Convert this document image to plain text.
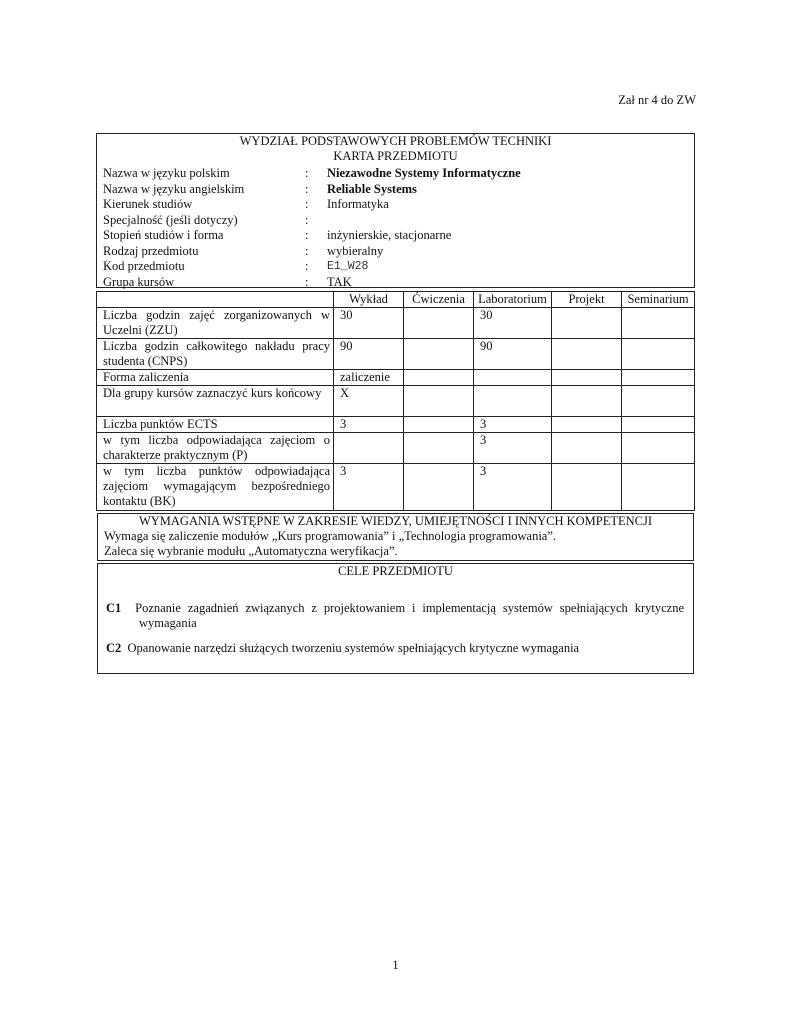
Zał nr 4 do ZW
WYDZIAŁ PODSTAWOWYCH PROBLEMÓW TECHNIKI
KARTA PRZEDMIOTU
Nazwa w języku polskim	: Niezawodne Systemy Informatyczne
Nazwa w języku angielskim	: Reliable Systems
Kierunek studiów	: Informatyka
Specjalność (jeśli dotyczy)	:
Stopień studiów i forma	: inżynierskie, stacjonarne
Rodzaj przedmiotu	: wybieralny
Kod przedmiotu	: E1_W28
Grupa kursów	: TAK
	Wykład	Ćwiczenia	Laboratorium	Projekt	Seminarium
Liczba godzin zajęć zorganizowanych w Uczelni (ZZU)	30		30		
Liczba godzin całkowitego nakładu pracy studenta (CNPS)	90		90		
Forma zaliczenia	zaliczenie				
Dla grupy kursów zaznaczyć kurs końcowy	X				
Liczba punktów ECTS	3		3		
w tym liczba odpowiadająca zajęciom o charakterze praktycznym (P)			3		
w tym liczba punktów odpowiadająca zajęciom wymagającym bezpośredniego kontaktu (BK)	3		3		
WYMAGANIA WSTĘPNE W ZAKRESIE WIEDZY, UMIEJĘTNOŚCI I INNYCH KOMPETENCJI
Wymaga się zaliczenie modułów „Kurs programowania” i „Technologia programowania”.
Zaleca się wybranie modułu „Automatyczna weryfikacja”.
CELE PRZEDMIOTU

C1 Poznanie zagadnień związanych z projektowaniem i implementacją systemów spełniających krytyczne wymagania

C2 Opanowanie narzędzi służących tworzeniu systemów spełniających krytyczne wymagania

1
